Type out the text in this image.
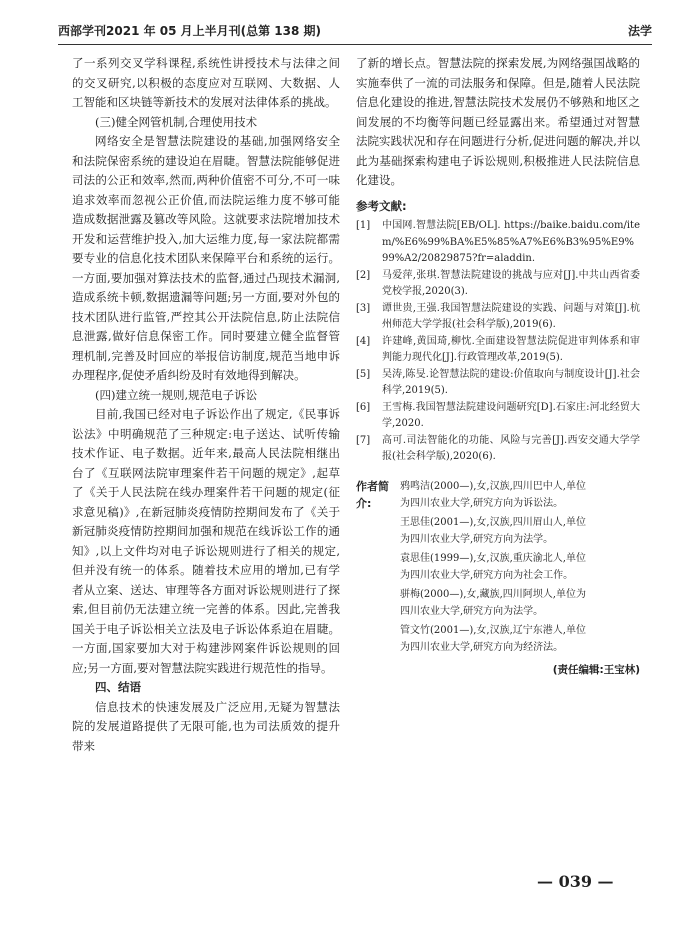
西部学刊2021 年 05 月上半月刊(总第 138 期)	法学

了一系列交叉学科课程,系统性讲授技术与法律之间的交叉研究,以积极的态度应对互联网、大数据、人工智能和区块链等新技术的发展对法律体系的挑战。

(三)健全网管机制,合理使用技术

网络安全是智慧法院建设的基础,加强网络安全和法院保密系统的建设迫在眉睫。智慧法院能够促进司法的公正和效率,然而,两种价值密不可分,不可一味追求效率而忽视公正价值,而法院运维力度不够可能造成数据泄露及篡改等风险。这就要求法院增加技术开发和运营维护投入,加大运维力度,每一家法院都需要专业的信息化技术团队来保障平台和系统的运行。一方面,要加强对算法技术的监督,通过凸现技术漏洞,造成系统卡顿,数据遗漏等问题;另一方面,要对外包的技术团队进行监管,严控其公开法院信息,防止法院信息泄露,做好信息保密工作。同时要建立健全监督管理机制,完善及时回应的举报信访制度,规范当地申诉办理程序,促使矛盾纠纷及时有效地得到解决。

(四)建立统一规则,规范电子诉讼

目前,我国已经对电子诉讼作出了规定,《民事诉讼法》中明确规范了三种规定:电子送达、试听传输技术作证、电子数据。近年来,最高人民法院相继出台了《互联网法院审理案件若干问题的规定》,起草了《关于人民法院在线办理案件若干问题的规定(征求意见稿)》,在新冠肺炎疫情防控期间发布了《关于新冠肺炎疫情防控期间加强和规范在线诉讼工作的通知》,以上文件均对电子诉讼规则进行了相关的规定,但并没有统一的体系。随着技术应用的增加,已有学者从立案、送达、审理等各方面对诉讼规则进行了探索,但目前仍无法建立统一完善的体系。因此,完善我国关于电子诉讼相关立法及电子诉讼体系迫在眉睫。一方面,国家要加大对于构建涉网案件诉讼规则的回应;另一方面,要对智慧法院实践进行规范性的指导。

四、结语

信息技术的快速发展及广泛应用,无疑为智慧法院的发展道路提供了无限可能,也为司法质效的提升带来

了新的增长点。智慧法院的探索发展,为网络强国战略的实施奉供了一流的司法服务和保障。但是,随着人民法院信息化建设的推进,智慧法院技术发展仍不够熟和地区之间发展的不均衡等问题已经显露出来。希望通过对智慧法院实践状况和存在问题进行分析,促进问题的解决,并以此为基础探索构建电子诉讼规则,积极推进人民法院信息化建设。

参考文献:

[1]	中国网.智慧法院[EB/OL]. https://baike.baidu.com/item/%E6%99%BA%E5%85%A7%E6%B3%95%E9%99%A2/20829875?fr=aladdin.
[2]	马爱萍,张琪.智慧法院建设的挑战与应对[J].中共山西省委党校学报,2020(3).
[3]	谭世贵,王强.我国智慧法院建设的实践、问题与对策[J].杭州师范大学学报(社会科学版),2019(6).
[4]	许建峰,黄国琦,柳忱.全面建设智慧法院促进审判体系和审判能力现代化[J].行政管理改革,2019(5).
[5]	吴涛,陈旻.论智慧法院的建设:价值取向与制度设计[J].社会科学,2019(5).
[6]	王雪梅.我国智慧法院建设问题研究[D].石家庄:河北经贸大学,2020.
[7]	高可.司法智能化的功能、风险与完善[J].西安交通大学学报(社会科学版),2020(6).
作者简介:

鸦鸣洁(2000—),女,汉族,四川巴中人,单位

为四川农业大学,研究方向为诉讼法。

王思佳(2001—),女,汉族,四川眉山人,单位

为四川农业大学,研究方向为法学。

袁思佳(1999—),女,汉族,重庆渝北人,单位

为四川农业大学,研究方向为社会工作。

骈梅(2000—),女,藏族,四川阿坝人,单位为

四川农业大学,研究方向为法学。

管文竹(2001—),女,汉族,辽宁东港人,单位

为四川农业大学,研究方向为经济法。

(责任编辑:王宝林)
— 039 —
